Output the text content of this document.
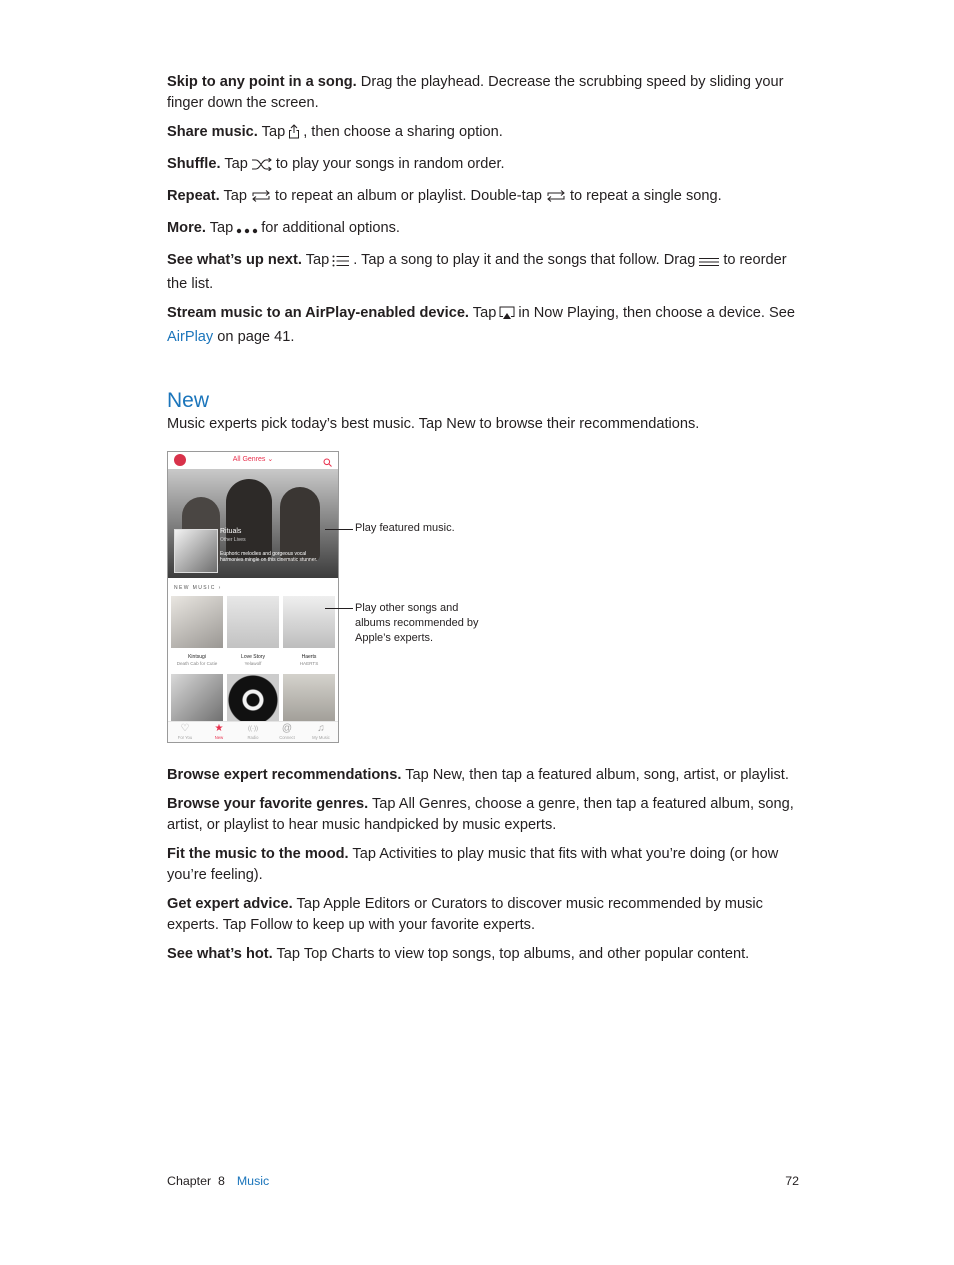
Skip to any point in a song. Drag the playhead. Decrease the scrubbing speed by sliding your finger down the screen.

Share music. Tap , then choose a sharing option.

Shuffle. Tap to play your songs in random order.

Repeat. Tap to repeat an album or playlist. Double-tap to repeat a single song.

More. Tap for additional options.

See what’s up next. Tap . Tap a song to play it and the songs that follow. Drag to reorder the list.

Stream music to an AirPlay-enabled device. Tap in Now Playing, then choose a device. See AirPlay on page 41.

New

Music experts pick today’s best music. Tap New to browse their recommendations.

All Genres ⌄
Rituals
Other Lives
Euphoric melodies and gorgeous vocal harmonies mingle on this cinematic stunner.
NEW MUSIC ›
Kintsugi
Death Cab for Cutie
Love Story
Yelawolf
Haerts
HAERTS
♡
For You
★
New
((·))
Radio
@
Connect
♫
My Music
Play featured music.
Play other songs and albums recommended by Apple’s experts.

Browse expert recommendations. Tap New, then tap a featured album, song, artist, or playlist.

Browse your favorite genres. Tap All Genres, choose a genre, then tap a featured album, song, artist, or playlist to hear music handpicked by music experts.

Fit the music to the mood. Tap Activities to play music that fits with what you’re doing (or how you’re feeling).

Get expert advice. Tap Apple Editors or Curators to discover music recommended by music experts. Tap Follow to keep up with your favorite experts.

See what’s hot. Tap Top Charts to view top songs, top albums, and other popular content.

Chapter  8 Music	72
